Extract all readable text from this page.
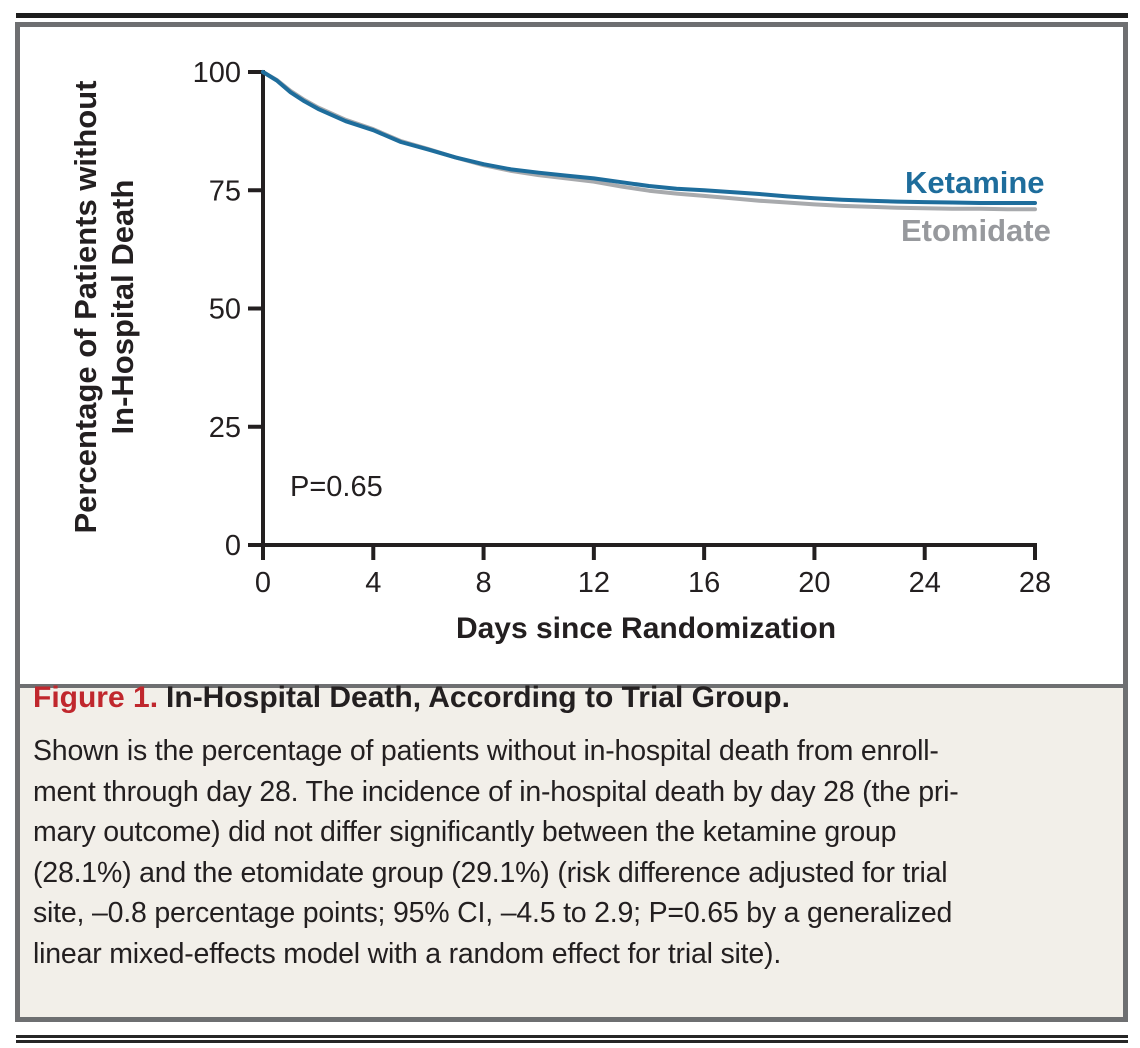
0
25
50
75
100
0	4	8	12	16	20	24	28
Percentage of Patients without In-Hospital Death
Days since Randomization
P=0.65
Ketamine
Etomidate
Figure 1. In-Hospital Death, According to Trial Group.
Shown is the percentage of patients without in-hospital death from enroll-
ment through day 28. The incidence of in-hospital death by day 28 (the pri-
mary outcome) did not differ significantly between the ketamine group
(28.1%) and the etomidate group (29.1%) (risk difference adjusted for trial
site, –0.8 percentage points; 95% CI, –4.5 to 2.9; P=0.65 by a generalized
linear mixed-effects model with a random effect for trial site).
